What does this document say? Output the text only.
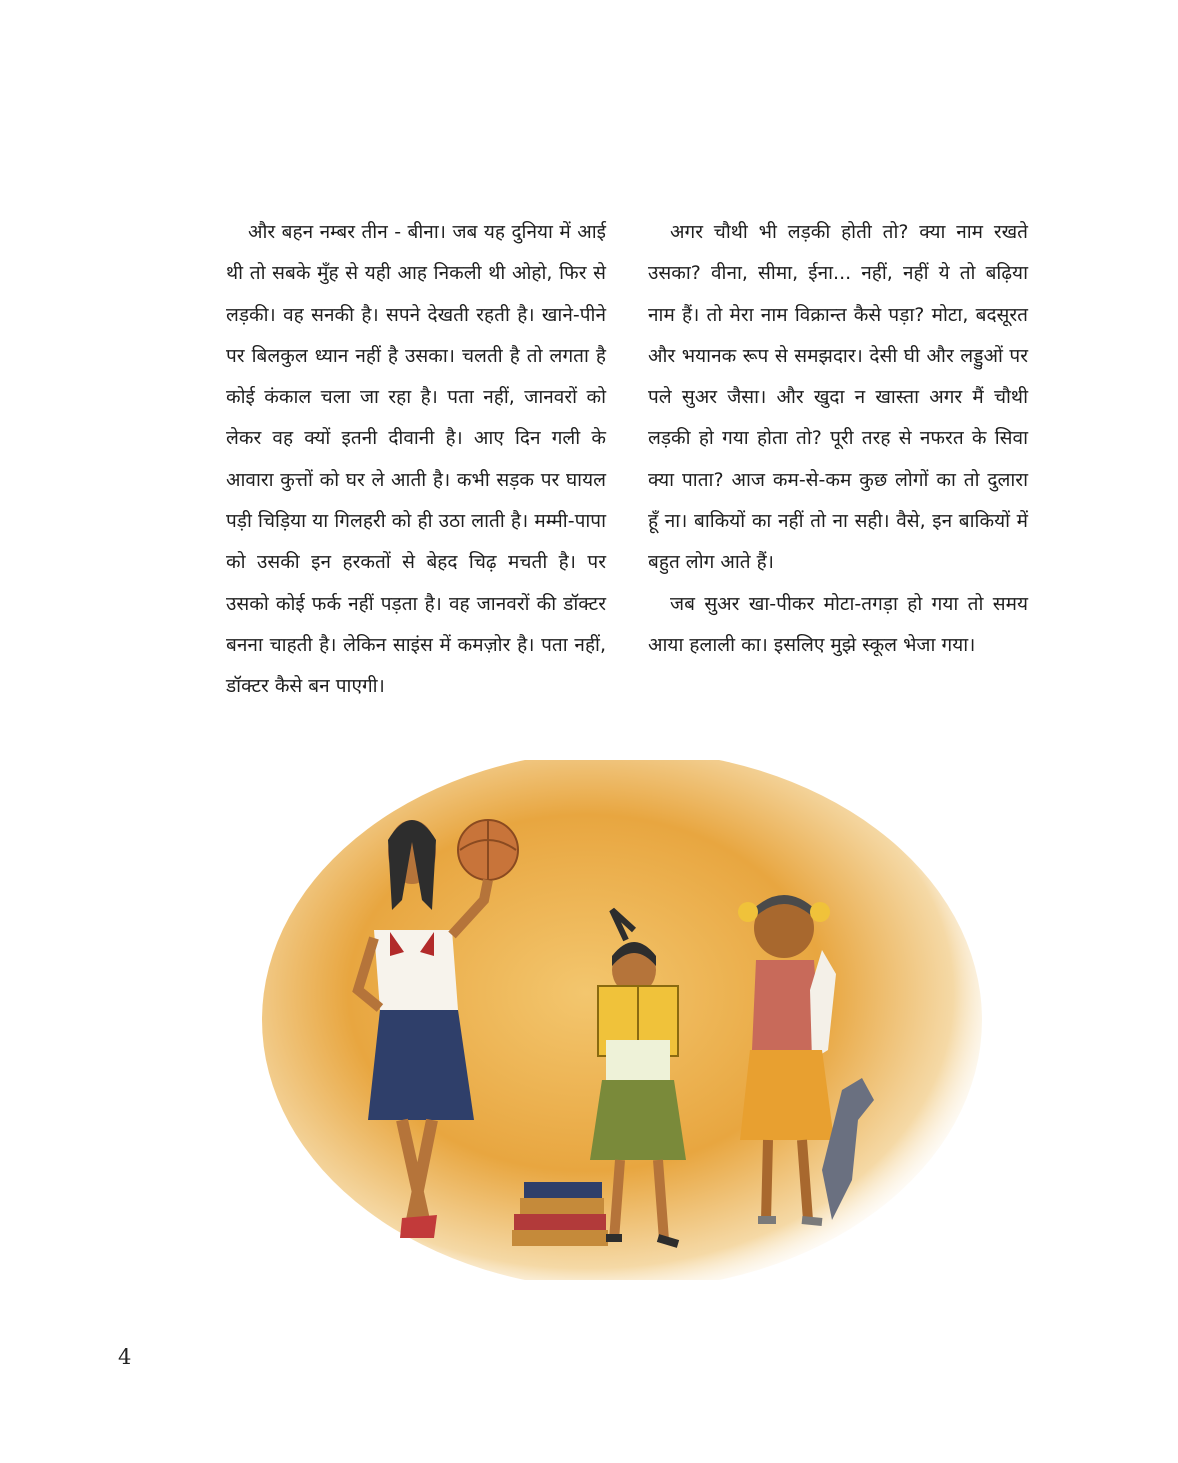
और बहन नम्बर तीन - बीना। जब यह दुनिया में आई थी तो सबके मुँह से यही आह निकली थी ओहो, फिर से लड़की। वह सनकी है। सपने देखती रहती है। खाने-पीने पर बिलकुल ध्यान नहीं है उसका। चलती है तो लगता है कोई कंकाल चला जा रहा है। पता नहीं, जानवरों को लेकर वह क्यों इतनी दीवानी है। आए दिन गली के आवारा कुत्तों को घर ले आती है। कभी सड़क पर घायल पड़ी चिड़िया या गिलहरी को ही उठा लाती है। मम्मी-पापा को उसकी इन हरकतों से बेहद चिढ़ मचती है। पर उसको कोई फर्क नहीं पड़ता है। वह जानवरों की डॉक्टर बनना चाहती है। लेकिन साइंस में कमज़ोर है। पता नहीं, डॉक्टर कैसे बन पाएगी।

अगर चौथी भी लड़की होती तो? क्या नाम रखते उसका? वीना, सीमा, ईना... नहीं, नहीं ये तो बढ़िया नाम हैं। तो मेरा नाम विक्रान्त कैसे पड़ा? मोटा, बदसूरत और भयानक रूप से समझदार। देसी घी और लड्डुओं पर पले सुअर जैसा। और खुदा न खास्ता अगर मैं चौथी लड़की हो गया होता तो? पूरी तरह से नफरत के सिवा क्या पाता? आज कम-से-कम कुछ लोगों का तो दुलारा हूँ ना। बाकियों का नहीं तो ना सही। वैसे, इन बाकियों में बहुत लोग आते हैं।

जब सुअर खा-पीकर मोटा-तगड़ा हो गया तो समय आया हलाली का। इसलिए मुझे स्कूल भेजा गया।

4
